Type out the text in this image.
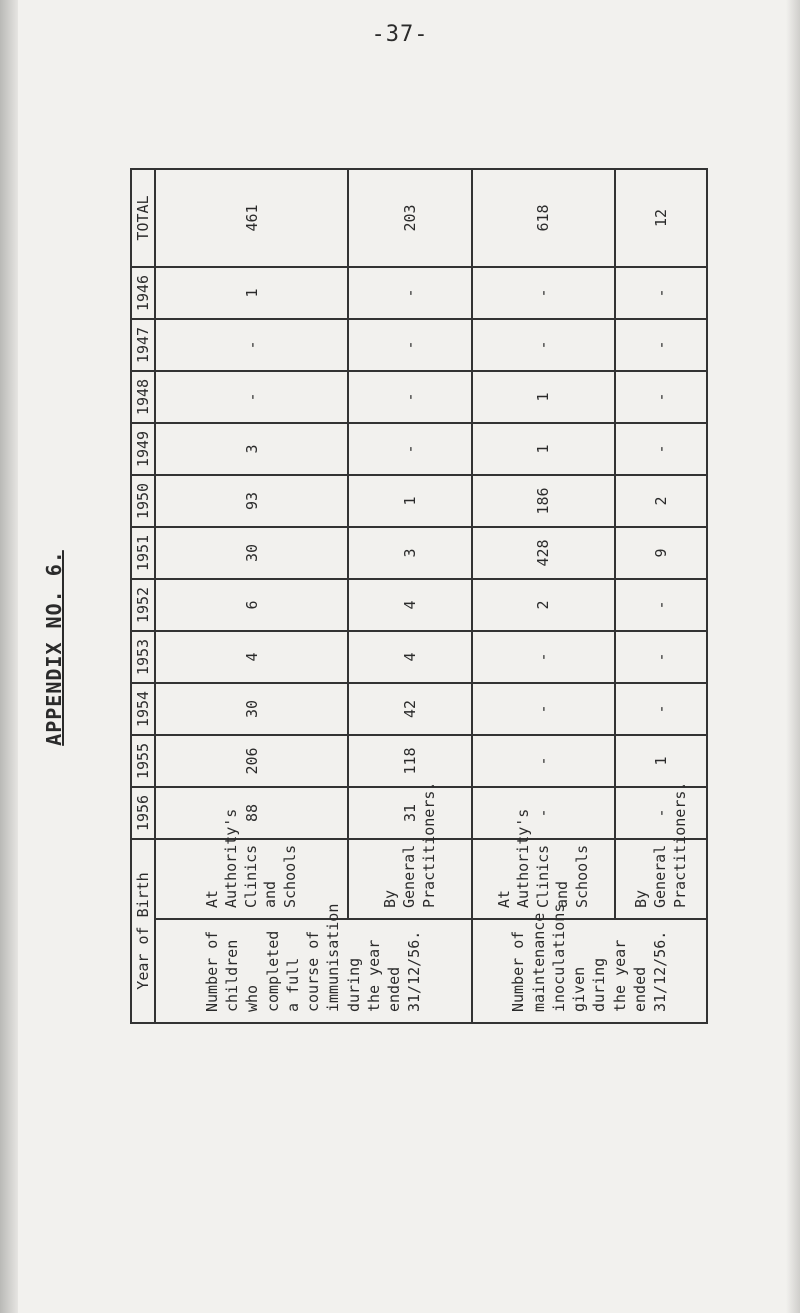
-37-
APPENDIX NO. 6.
Year of Birth		1956	1955	1954	1953	1952	1951	1950	1949	1948	1947	1946	TOTAL
Number of children who completed a full course of immunisation during the year ended 31/12/56.	At Authority's Clinics and Schools	88	206	30	4	6	30	93	3	-	-	1	461
	By General Practitioners.	31	118	42	4	4	3	1	-	-	-	-	203
Number of maintenance inoculations given during the year ended 31/12/56.	At Authority's Clinics and Schools	-	-	-	-	2	428	186	1	1	-	-	618
	By General Practitioners.	-	1	-	-	-	9	2	-	-	-	-	12
